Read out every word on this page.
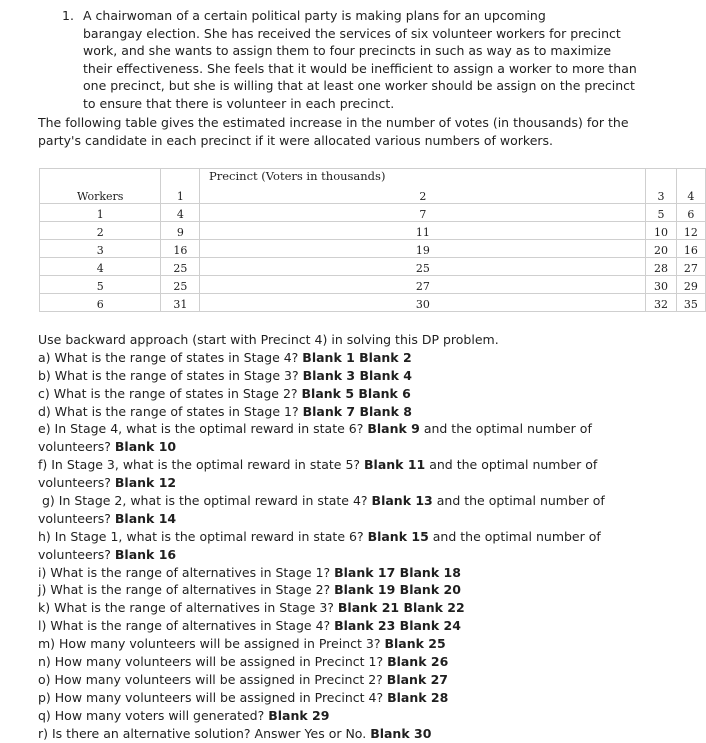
1. A chairwoman of a certain political party is making plans for an upcoming
barangay election. She has received the services of six volunteer workers for precinct
work, and she wants to assign them to four precincts in such as way as to maximize
their effectiveness. She feels that it would be inefficient to assign a worker to more than
one precinct, but she is willing that at least one worker should be assign on the precinct
to ensure that there is volunteer in each precinct.
The following table gives the estimated increase in the number of votes (in thousands) for the
party's candidate in each precinct if it were allocated various numbers of workers.
Precinct (Voters in thousands)
Workers	1	2	3	4
1	4	7	5	6
2	9	11	10	12
3	16	19	20	16
4	25	25	28	27
5	25	27	30	29
6	31	30	32	35
Use backward approach (start with Precinct 4) in solving this DP problem.
a) What is the range of states in Stage 4? Blank 1 Blank 2
b) What is the range of states in Stage 3? Blank 3 Blank 4
c) What is the range of states in Stage 2? Blank 5 Blank 6
d) What is the range of states in Stage 1? Blank 7 Blank 8
e) In Stage 4, what is the optimal reward in state 6? Blank 9 and the optimal number of
volunteers? Blank 10
f) In Stage 3, what is the optimal reward in state 5? Blank 11 and the optimal number of
volunteers? Blank 12
g) In Stage 2, what is the optimal reward in state 4? Blank 13 and the optimal number of
volunteers? Blank 14
h) In Stage 1, what is the optimal reward in state 6? Blank 15 and the optimal number of
volunteers? Blank 16
i) What is the range of alternatives in Stage 1? Blank 17 Blank 18
j) What is the range of alternatives in Stage 2? Blank 19 Blank 20
k) What is the range of alternatives in Stage 3? Blank 21 Blank 22
l) What is the range of alternatives in Stage 4? Blank 23 Blank 24
m) How many volunteers will be assigned in Preinct 3? Blank 25
n) How many volunteers will be assigned in Precinct 1? Blank 26
o) How many volunteers will be assigned in Precinct 2? Blank 27
p) How many volunteers will be assigned in Precinct 4? Blank 28
q) How many voters will generated? Blank 29
r) Is there an alternative solution? Answer Yes or No. Blank 30
